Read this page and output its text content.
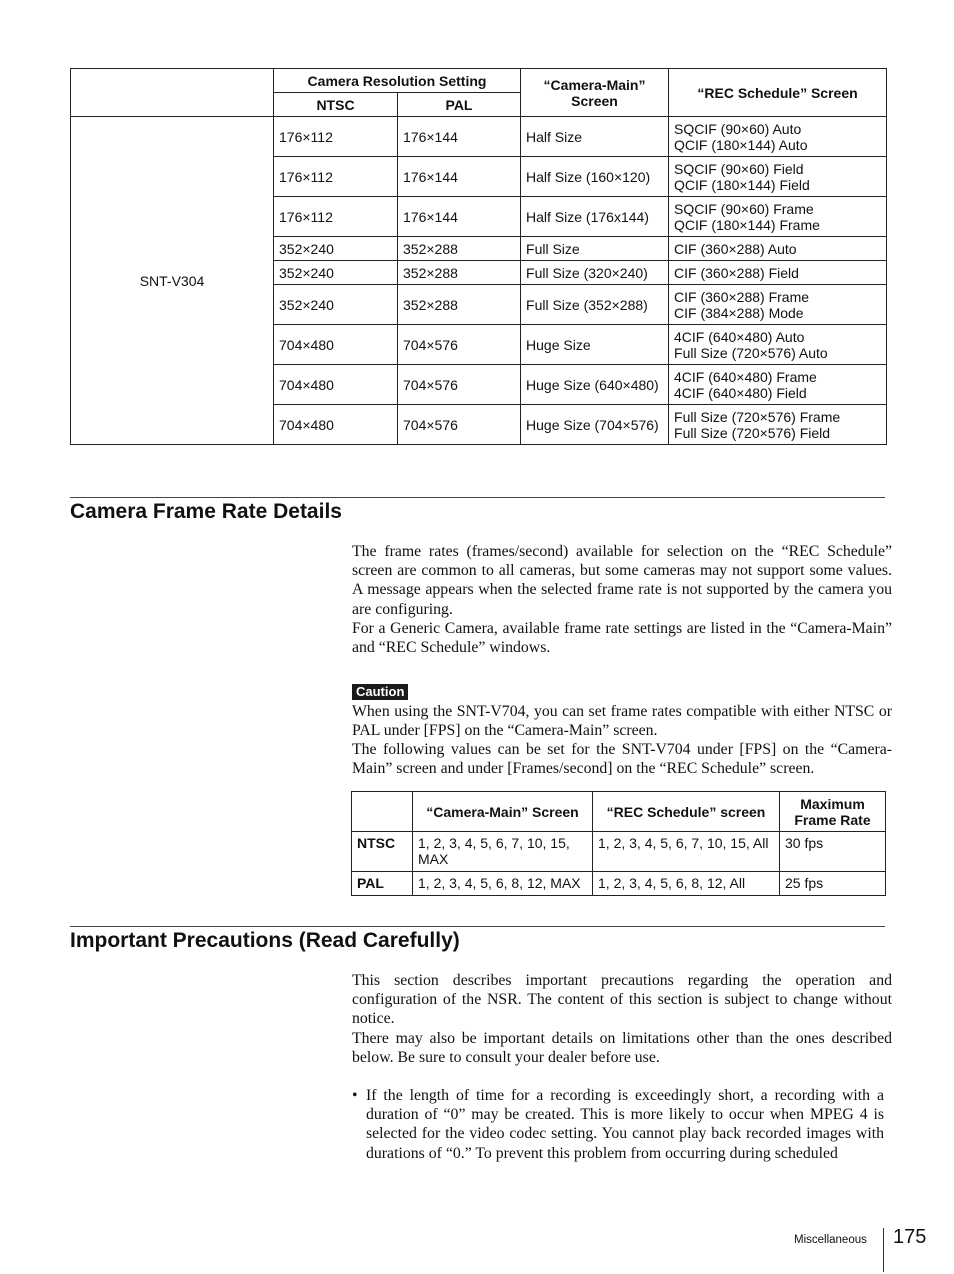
	Camera Resolution Setting		“Camera-Main” Screen	“REC Schedule” Screen
	NTSC	PAL		
SNT-V304	176×112	176×144	Half Size	SQCIF (90×60) Auto
QCIF (180×144) Auto
	176×112	176×144	Half Size (160×120)	SQCIF (90×60) Field
QCIF (180×144) Field
	176×112	176×144	Half Size (176x144)	SQCIF (90×60) Frame
QCIF (180×144) Frame
	352×240	352×288	Full Size	CIF (360×288) Auto
	352×240	352×288	Full Size (320×240)	CIF (360×288) Field
	352×240	352×288	Full Size (352×288)	CIF (360×288) Frame
CIF (384×288) Mode
	704×480	704×576	Huge Size	4CIF (640×480) Auto
Full Size (720×576) Auto
	704×480	704×576	Huge Size (640×480)	4CIF (640×480) Frame
4CIF (640×480) Field
	704×480	704×576	Huge Size (704×576)	Full Size (720×576) Frame
Full Size (720×576) Field
Camera Frame Rate Details

The frame rates (frames/second) available for selection on the “REC Schedule” screen are common to all cameras, but some cameras may not support some values. A message appears when the selected frame rate is not supported by the camera you are configuring.

For a Generic Camera, available frame rate settings are listed in the “Camera-Main” and “REC Schedule” windows.

Caution

When using the SNT-V704, you can set frame rates compatible with either NTSC or PAL under [FPS] on the “Camera-Main” screen.

The following values can be set for the SNT-V704 under [FPS] on the “Camera-Main” screen and under [Frames/second] on the “REC Schedule” screen.

	“Camera-Main” Screen	“REC Schedule” screen	Maximum
Frame Rate
NTSC	1, 2, 3, 4, 5, 6, 7, 10, 15, MAX	1, 2, 3, 4, 5, 6, 7, 10, 15, All	30 fps
PAL	1, 2, 3, 4, 5, 6, 8, 12, MAX	1, 2, 3, 4, 5, 6, 8, 12, All	25 fps
Important Precautions (Read Carefully)

This section describes important precautions regarding the operation and configuration of the NSR. The content of this section is subject to change without notice.

There may also be important details on limitations other than the ones described below. Be sure to consult your dealer before use.

• If the length of time for a recording is exceedingly short, a recording with a duration of “0” may be created. This is more likely to occur when MPEG 4 is selected for the video codec setting. You cannot play back recorded images with durations of “0.” To prevent this problem from occurring during scheduled
Miscellaneous 175
